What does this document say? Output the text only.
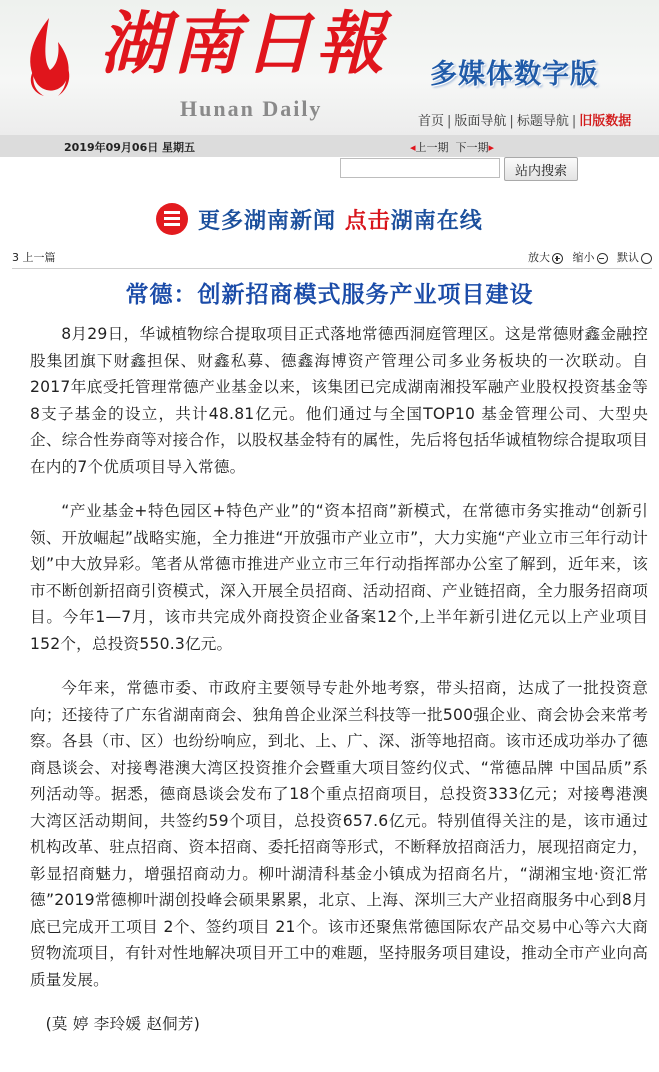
湖南日報
Hunan Daily
多媒体数字版
首页 | 版面导航 | 标题导航 | 旧版数据
2019年09月06日 星期五	◂上一期 下一期▸
站内搜索
更多湖南新闻 点击湖南在线
3 上一篇	放大 缩小 默认
常德：创新招商模式服务产业项目建设

8月29日，华诚植物综合提取项目正式落地常德西洞庭管理区。这是常德财鑫金融控股集团旗下财鑫担保、财鑫私募、德鑫海博资产管理公司多业务板块的一次联动。自2017年底受托管理常德产业基金以来，该集团已完成湖南湘投军融产业股权投资基金等8支子基金的设立，共计48.81亿元。他们通过与全国TOP10 基金管理公司、大型央企、综合性券商等对接合作，以股权基金特有的属性，先后将包括华诚植物综合提取项目在内的7个优质项目导入常德。

“产业基金+特色园区+特色产业”的“资本招商”新模式，在常德市务实推动“创新引领、开放崛起”战略实施，全力推进“开放强市产业立市”，大力实施“产业立市三年行动计划”中大放异彩。笔者从常德市推进产业立市三年行动指挥部办公室了解到，近年来，该市不断创新招商引资模式，深入开展全员招商、活动招商、产业链招商，全力服务招商项目。今年1—7月，该市共完成外商投资企业备案12个,上半年新引进亿元以上产业项目152个，总投资550.3亿元。

今年来，常德市委、市政府主要领导专赴外地考察，带头招商，达成了一批投资意向；还接待了广东省湖南商会、独角兽企业深兰科技等一批500强企业、商会协会来常考察。各县（市、区）也纷纷响应，到北、上、广、深、浙等地招商。该市还成功举办了德商恳谈会、对接粤港澳大湾区投资推介会暨重大项目签约仪式、“常德品牌 中国品质”系列活动等。据悉，德商恳谈会发布了18个重点招商项目，总投资333亿元；对接粤港澳大湾区活动期间，共签约59个项目，总投资657.6亿元。特别值得关注的是，该市通过机构改革、驻点招商、资本招商、委托招商等形式，不断释放招商活力，展现招商定力，彰显招商魅力，增强招商动力。柳叶湖清科基金小镇成为招商名片，“湖湘宝地·资汇常德”2019常德柳叶湖创投峰会硕果累累，北京、上海、深圳三大产业招商服务中心到8月底已完成开工项目 2个、签约项目 21个。该市还聚焦常德国际农产品交易中心等六大商贸物流项目，有针对性地解决项目开工中的难题，坚持服务项目建设，推动全市产业向高质量发展。

(莫 婷 李玲媛 赵侗芳)
